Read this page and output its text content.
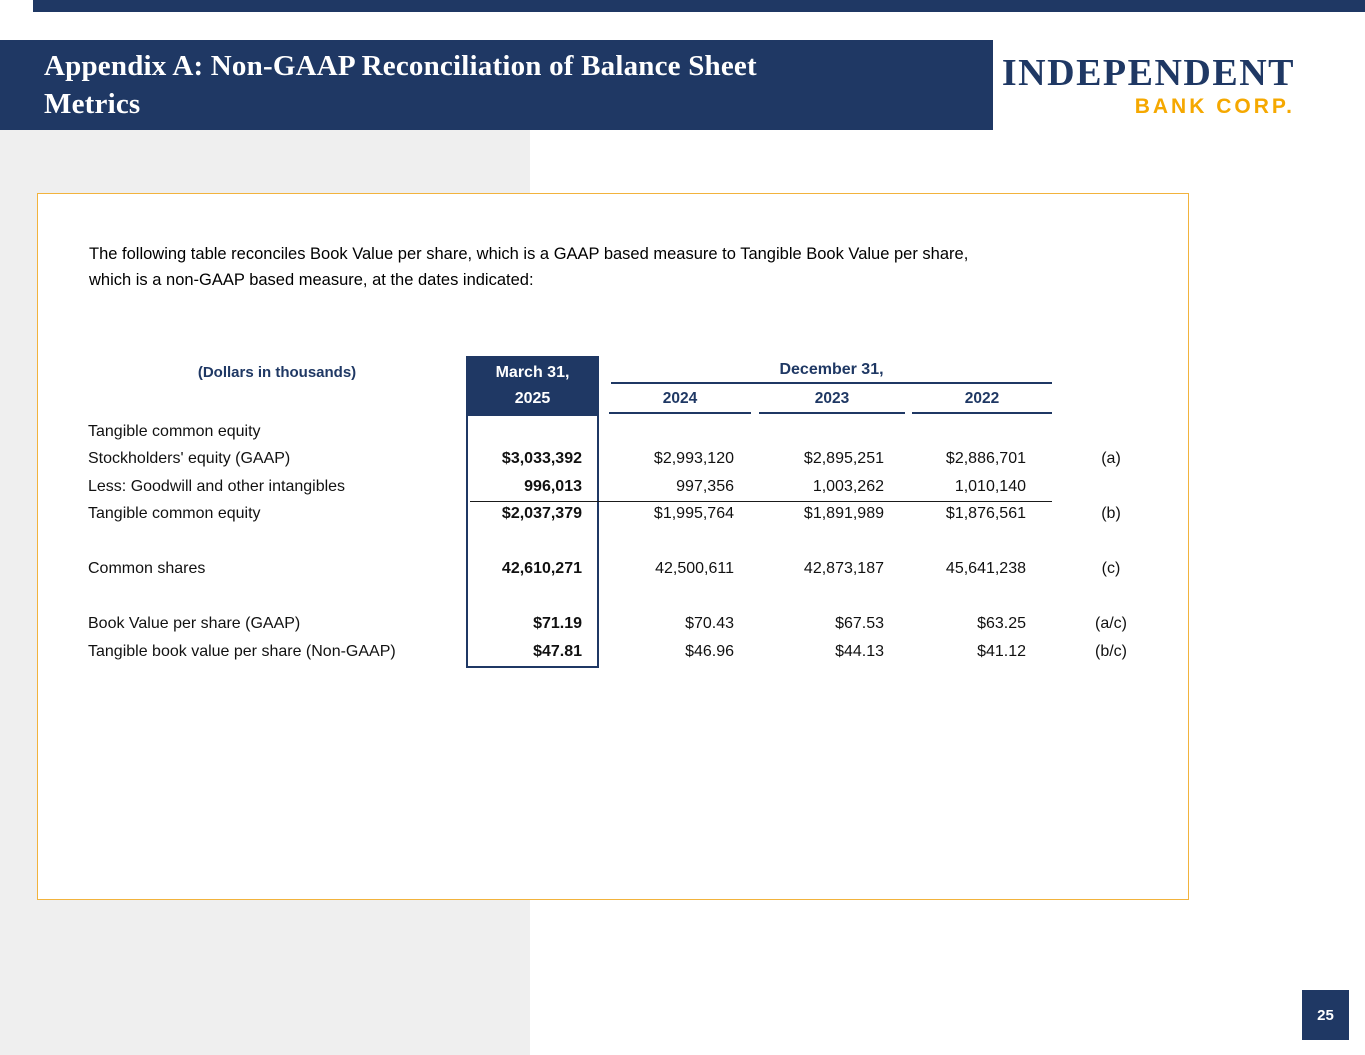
Appendix A: Non-GAAP Reconciliation of Balance Sheet
Metrics
INDEPENDENT
BANK CORP.
The following table reconciles Book Value per share, which is a GAAP based measure to Tangible Book Value per share,
which is a non-GAAP based measure, at the dates indicated:
(Dollars in thousands)	March 31,
2025
December 31,
2024	2023	2022
Tangible common equity
Stockholders' equity (GAAP)	$3,033,392	$2,993,120	$2,895,251	$2,886,701	(a)
Less: Goodwill and other intangibles	996,013	997,356	1,003,262	1,010,140
Tangible common equity	$2,037,379	$1,995,764	$1,891,989	$1,876,561	(b)
Common shares	42,610,271	42,500,611	42,873,187	45,641,238	(c)
Book Value per share (GAAP)	$71.19	$70.43	$67.53	$63.25	(a/c)
Tangible book value per share (Non-GAAP)	$47.81	$46.96	$44.13	$41.12	(b/c)
25
